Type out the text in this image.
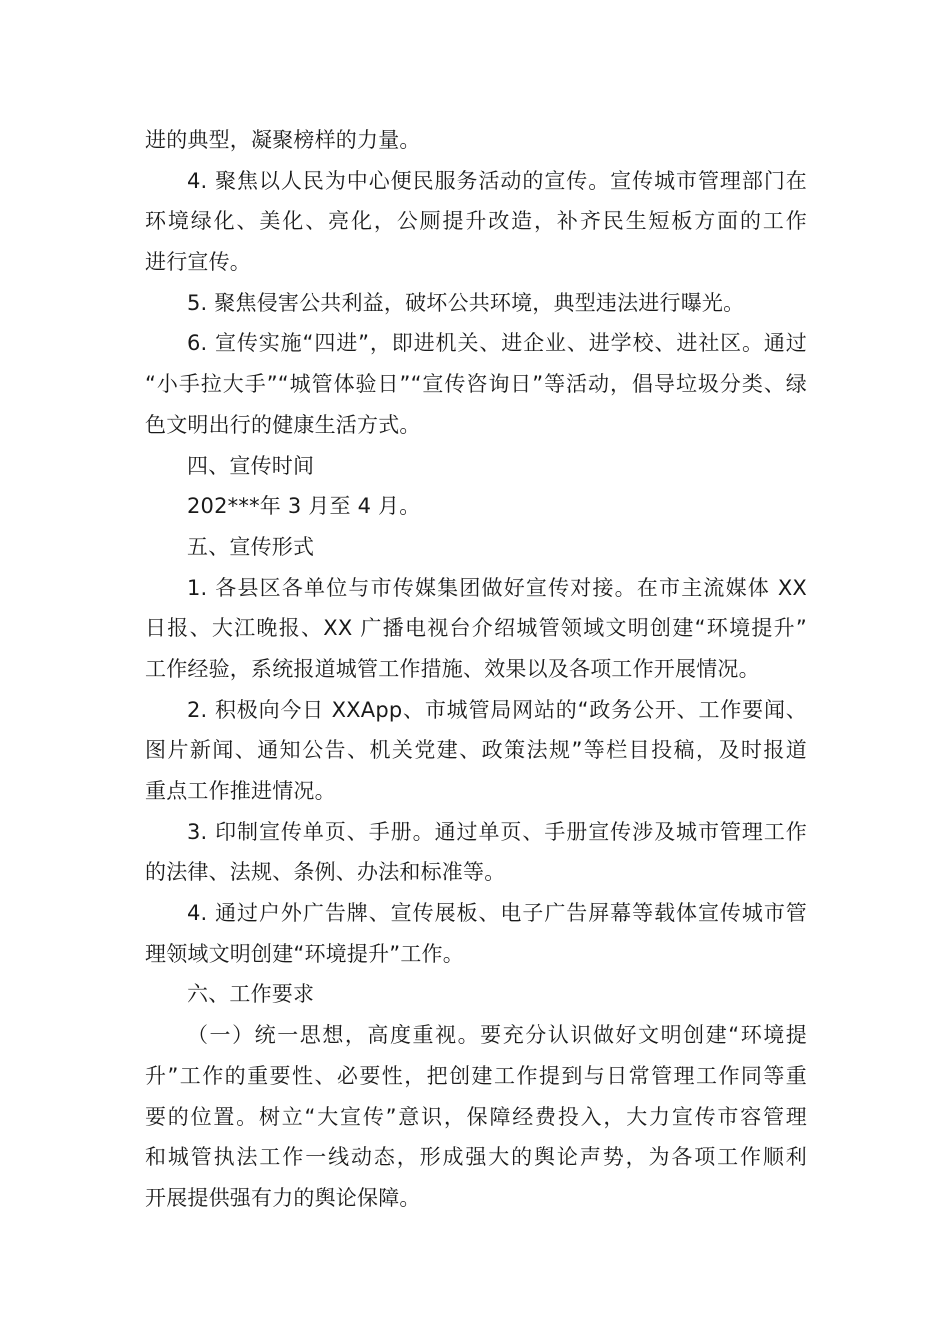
进的典型，凝聚榜样的力量。
4. 聚焦以人民为中心便民服务活动的宣传。宣传城市管理部门在
环境绿化、美化、亮化，公厕提升改造，补齐民生短板方面的工作
进行宣传。
5. 聚焦侵害公共利益，破坏公共环境，典型违法进行曝光。
6. 宣传实施“四进”，即进机关、进企业、进学校、进社区。通过
“小手拉大手”“城管体验日”“宣传咨询日”等活动，倡导垃圾分类、绿
色文明出行的健康生活方式。
四、宣传时间
202***年 3 月至 4 月。
五、宣传形式
1. 各县区各单位与市传媒集团做好宣传对接。在市主流媒体 XX
日报、大江晚报、XX 广播电视台介绍城管领域文明创建“环境提升”
工作经验，系统报道城管工作措施、效果以及各项工作开展情况。
2. 积极向今日 XXApp、市城管局网站的“政务公开、工作要闻、
图片新闻、通知公告、机关党建、政策法规”等栏目投稿，及时报道
重点工作推进情况。
3. 印制宣传单页、手册。通过单页、手册宣传涉及城市管理工作
的法律、法规、条例、办法和标准等。
4. 通过户外广告牌、宣传展板、电子广告屏幕等载体宣传城市管
理领域文明创建“环境提升”工作。
六、工作要求
（一）统一思想，高度重视。要充分认识做好文明创建“环境提
升”工作的重要性、必要性，把创建工作提到与日常管理工作同等重
要的位置。树立“大宣传”意识，保障经费投入，大力宣传市容管理
和城管执法工作一线动态，形成强大的舆论声势，为各项工作顺利
开展提供强有力的舆论保障。
